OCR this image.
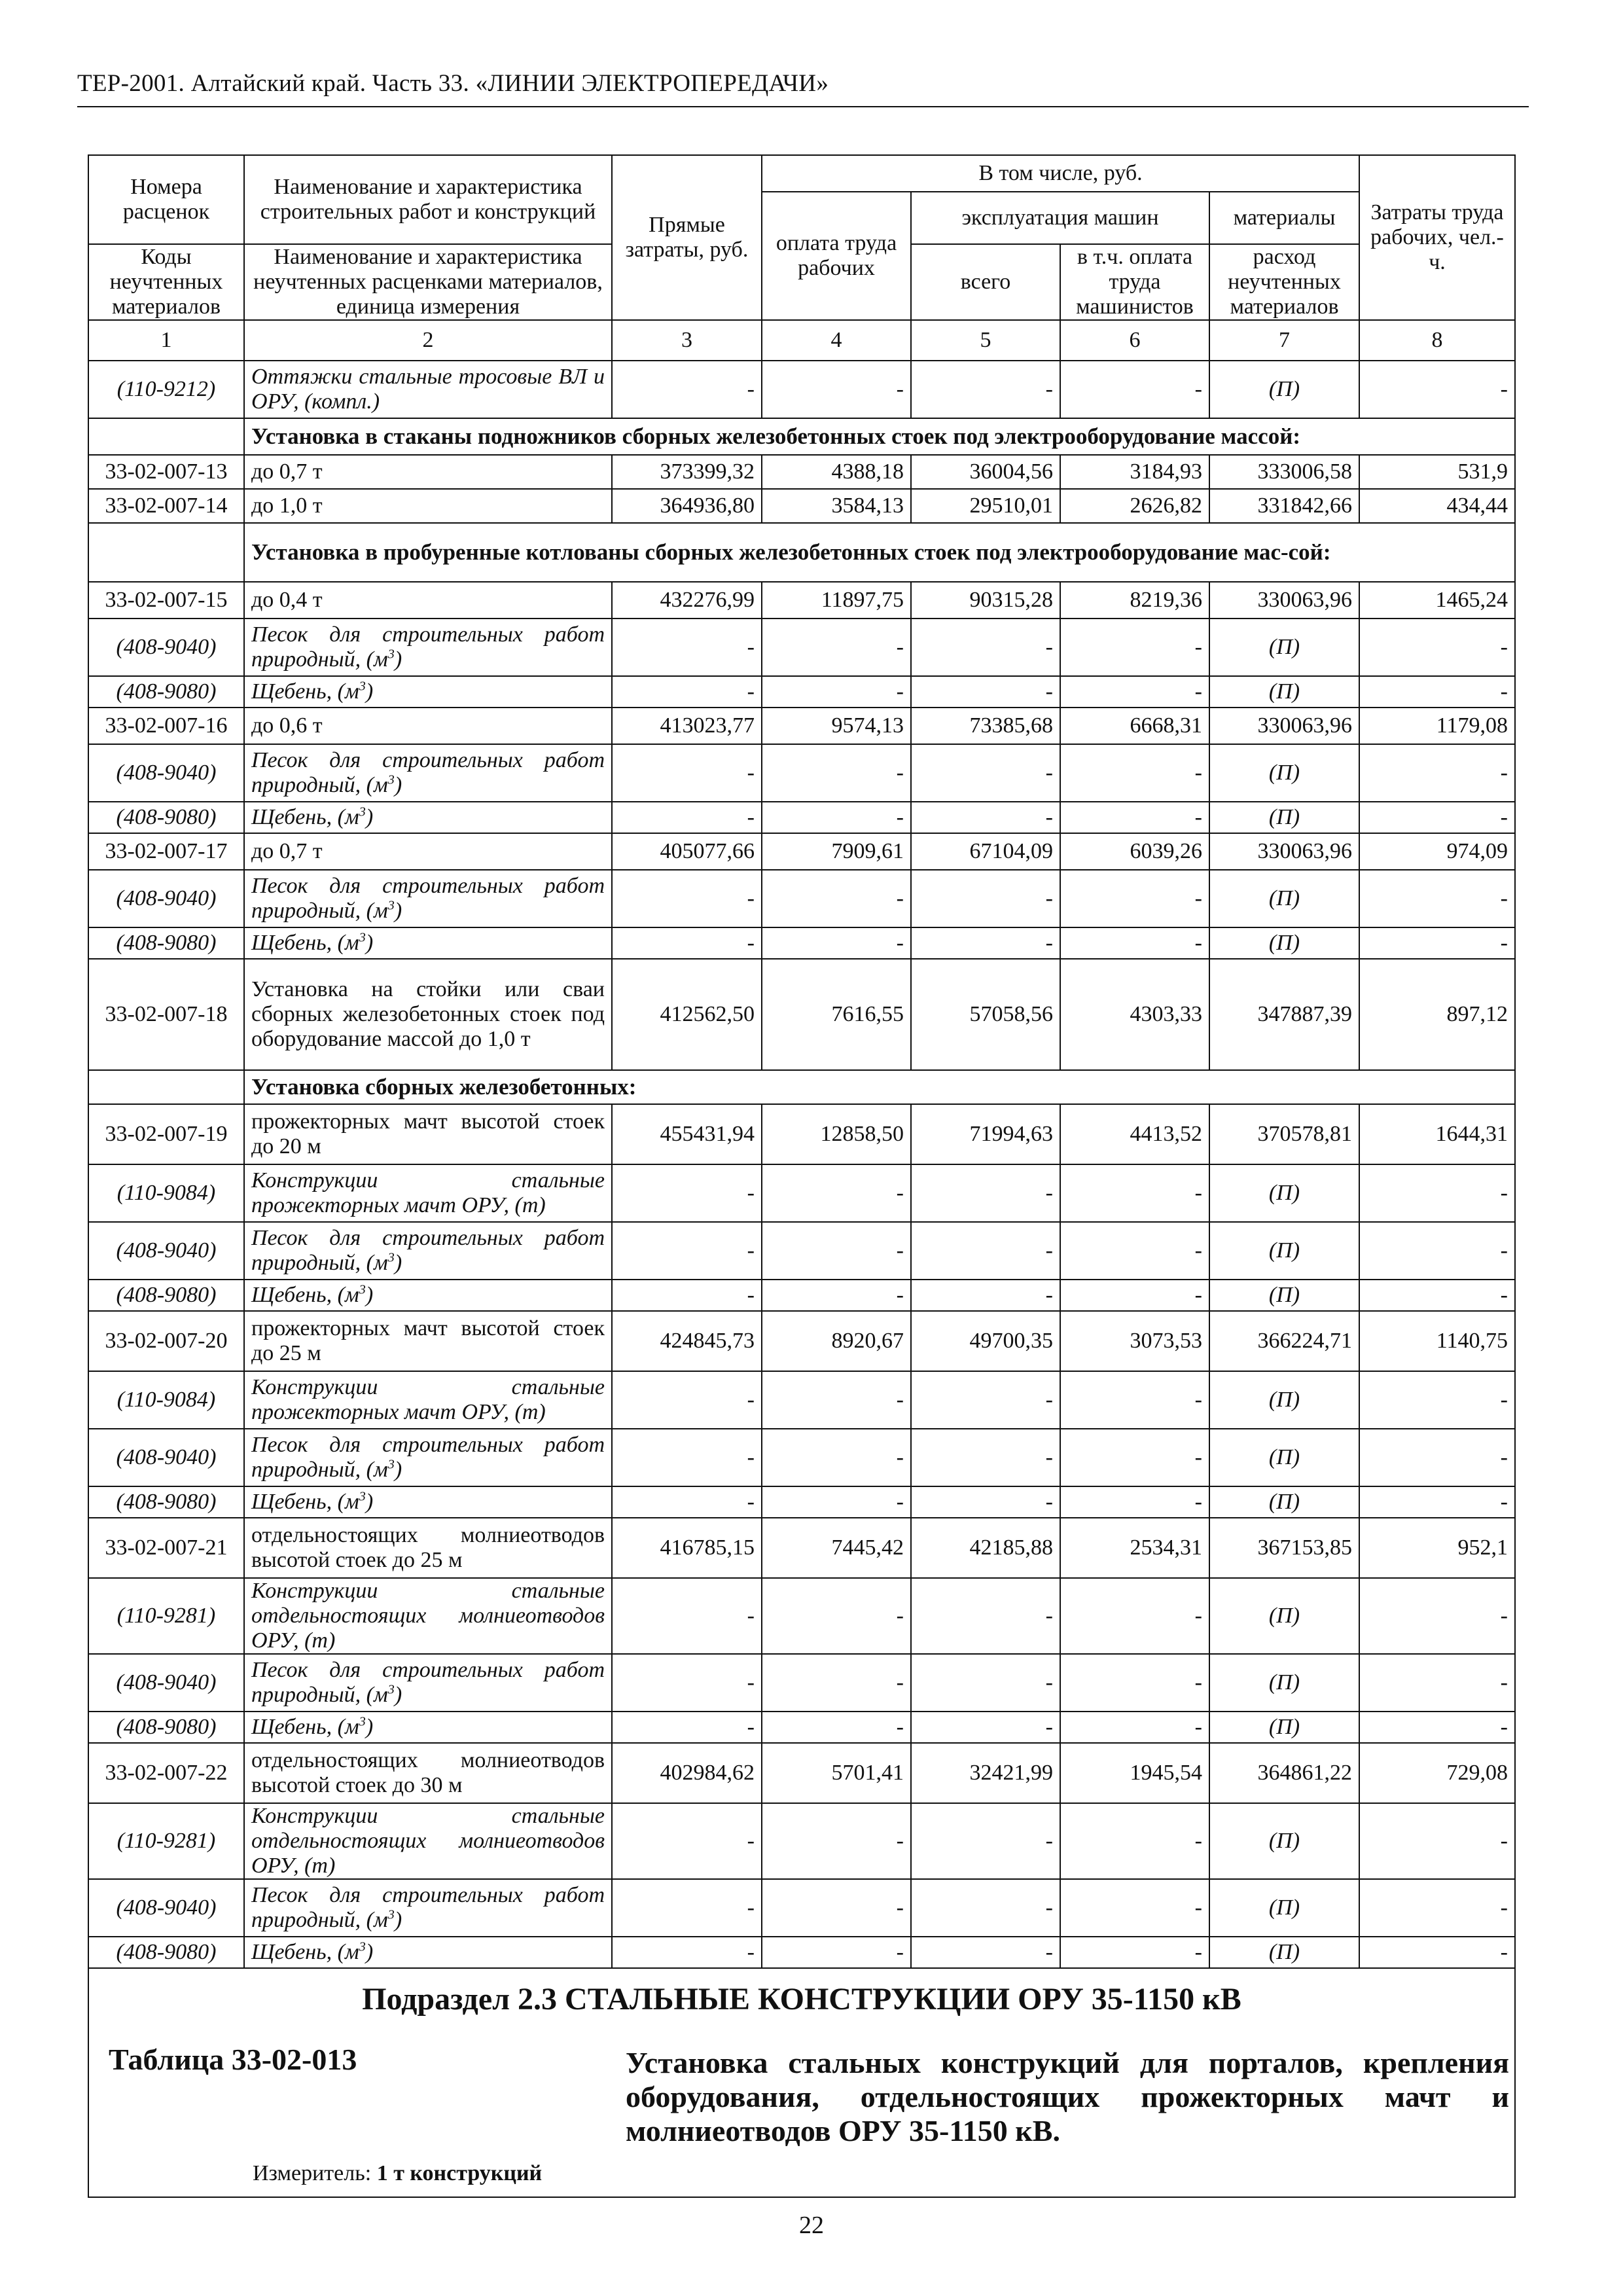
ТЕР-2001. Алтайский край. Часть 33. «ЛИНИИ ЭЛЕКТРОПЕРЕДАЧИ»
Номера расценок	Наименование и характеристика строительных работ и конструкций	Прямые затраты, руб.	В том числе, руб.				Затраты труда рабочих, чел.-ч.
			оплата труда рабочих	эксплуатация машин		материалы	
Коды неучтенных материалов	Наименование и характеристика неучтенных расценками материалов, единица измерения			всего	в т.ч. оплата труда машинистов	расход неучтенных материалов	
1	2	3	4	5	6	7	8
(110-9212)	Оттяжки стальные тросовые ВЛ и ОРУ, (компл.)	-	-	-	-	(П)	-
	Установка в стаканы подножников сборных железобетонных стоек под электрооборудование массой:						
33-02-007-13	до 0,7 т	373399,32	4388,18	36004,56	3184,93	333006,58	531,9
33-02-007-14	до 1,0 т	364936,80	3584,13	29510,01	2626,82	331842,66	434,44
	Установка в пробуренные котлованы сборных железобетонных стоек под электрооборудование мас-сой:						
33-02-007-15	до 0,4 т	432276,99	11897,75	90315,28	8219,36	330063,96	1465,24
(408-9040)	Песок для строительных работ природный, $(м^3)$	-	-	-	-	(П)	-
(408-9080)	Щебень, $(м^3)$	-	-	-	-	(П)	-
33-02-007-16	до 0,6 т	413023,77	9574,13	73385,68	6668,31	330063,96	1179,08
(408-9040)	Песок для строительных работ природный, $(м^3)$	-	-	-	-	(П)	-
(408-9080)	Щебень, $(м^3)$	-	-	-	-	(П)	-
33-02-007-17	до 0,7 т	405077,66	7909,61	67104,09	6039,26	330063,96	974,09
(408-9040)	Песок для строительных работ природный, $(м^3)$	-	-	-	-	(П)	-
(408-9080)	Щебень, $(м^3)$	-	-	-	-	(П)	-
33-02-007-18	Установка на стойки или сваи сборных железобетонных стоек под оборудование массой до 1,0 т	412562,50	7616,55	57058,56	4303,33	347887,39	897,12
	Установка сборных железобетонных:						
33-02-007-19	прожекторных мачт высотой стоек до 20 м	455431,94	12858,50	71994,63	4413,52	370578,81	1644,31
(110-9084)	Конструкции стальные прожекторных мачт ОРУ, (т)	-	-	-	-	(П)	-
(408-9040)	Песок для строительных работ природный, $(м^3)$	-	-	-	-	(П)	-
(408-9080)	Щебень, $(м^3)$	-	-	-	-	(П)	-
33-02-007-20	прожекторных мачт высотой стоек до 25 м	424845,73	8920,67	49700,35	3073,53	366224,71	1140,75
(110-9084)	Конструкции стальные прожекторных мачт ОРУ, (т)	-	-	-	-	(П)	-
(408-9040)	Песок для строительных работ природный, $(м^3)$	-	-	-	-	(П)	-
(408-9080)	Щебень, $(м^3)$	-	-	-	-	(П)	-
33-02-007-21	отдельностоящих молниеотводов высотой стоек до 25 м	416785,15	7445,42	42185,88	2534,31	367153,85	952,1
(110-9281)	Конструкции стальные отдельностоящих молниеотводов ОРУ, (т)	-	-	-	-	(П)	-
(408-9040)	Песок для строительных работ природный, $(м^3)$	-	-	-	-	(П)	-
(408-9080)	Щебень, $(м^3)$	-	-	-	-	(П)	-
33-02-007-22	отдельностоящих молниеотводов высотой стоек до 30 м	402984,62	5701,41	32421,99	1945,54	364861,22	729,08
(110-9281)	Конструкции стальные отдельностоящих молниеотводов ОРУ, (т)	-	-	-	-	(П)	-
(408-9040)	Песок для строительных работ природный, $(м^3)$	-	-	-	-	(П)	-
(408-9080)	Щебень, $(м^3)$	-	-	-	-	(П)	-

Подраздел 2.3 СТАЛЬНЫЕ КОНСТРУКЦИИ ОРУ 35-1150 кВ
Таблица 33-02-013 Установка стальных конструкций для порталов, крепления оборудования, отдельностоящих прожекторных мачт и молниеотводов ОРУ 35-1150 кВ.
Измеритель: 1 т конструкций							
22
